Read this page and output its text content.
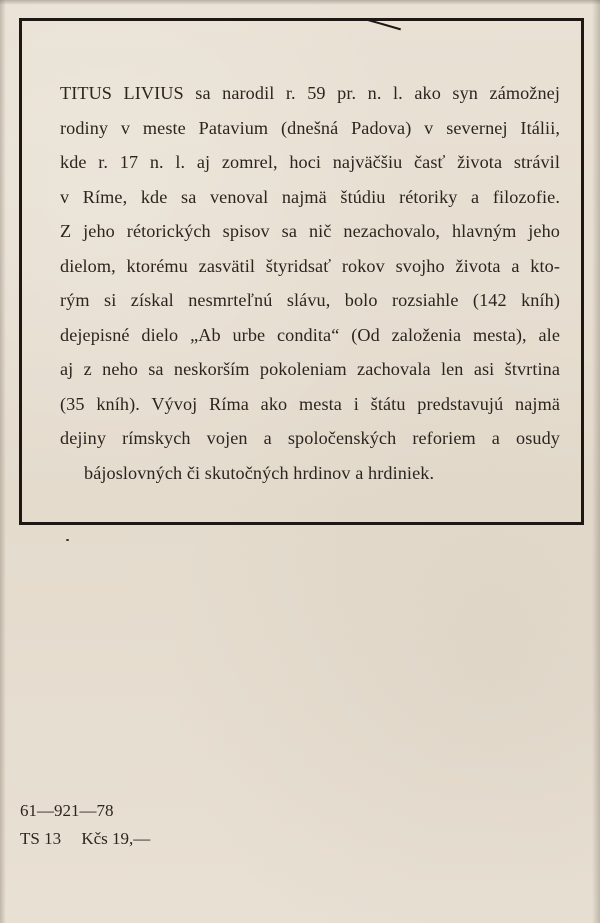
TITUS LIVIUS sa narodil r. 59 pr. n. l. ako syn zámožnej
rodiny v meste Patavium (dnešná Padova) v severnej Itálii,
kde r. 17 n. l. aj zomrel, hoci najväčšiu časť života strávil
v Ríme, kde sa venoval najmä štúdiu rétoriky a filozofie.
Z jeho rétorických spisov sa nič nezachovalo, hlavným jeho
dielom, ktorému zasvätil štyridsať rokov svojho života a kto-
rým si získal nesmrteľnú slávu, bolo rozsiahle (142 kníh)
dejepisné dielo „Ab urbe condita“ (Od založenia mesta), ale
aj z neho sa neskorším pokoleniam zachovala len asi štvrtina
(35 kníh). Vývoj Ríma ako mesta i štátu predstavujú najmä
dejiny rímskych vojen a spoločenských reforiem a osudy
bájoslovných či skutočných hrdinov a hrdiniek.
61—921—78
TS 13 Kčs 19,—
